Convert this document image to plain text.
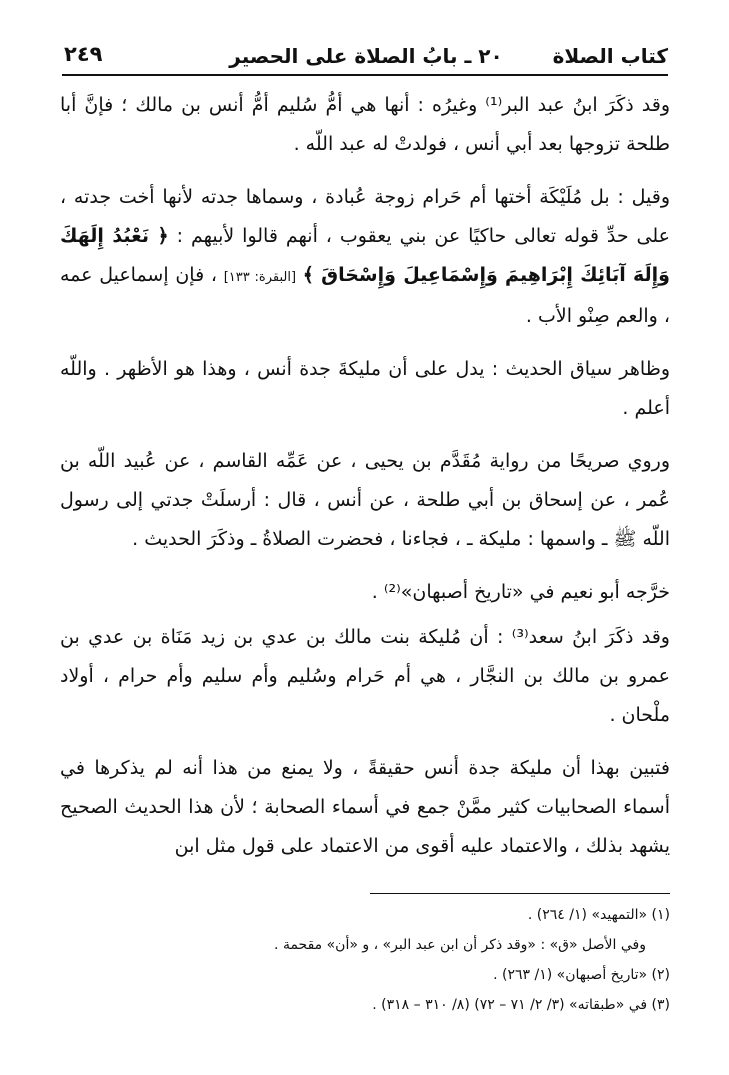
كتاب الصلاة
٢٠ ـ بابُ الصلاة على الحصير
٢٤٩

وقد ذكَرَ ابنُ عبد البر⁽¹⁾ وغيرُه : أنها هي أمُّ سُليم أمُّ أنس بن مالك ؛ فإنَّ أبا طلحة تزوجها بعد أبي أنس ، فولدتْ له عبد اللّه .

وقيل : بل مُلَيْكَة أختها أم حَرام زوجة عُبادة ، وسماها جدته لأنها أخت جدته ، على حدِّ قوله تعالى حاكيًا عن بني يعقوب ، أنهم قالوا لأبيهم : ﴿ نَعْبُدُ إِلَهَكَ وَإِلَهَ آبَائِكَ إِبْرَاهِيمَ وَإِسْمَاعِيلَ وَإِسْحَاقَ ﴾ [البقرة: ١٣٣] ، فإن إسماعيل عمه ، والعم صِنْو الأب .

وظاهر سياق الحديث : يدل على أن مليكةَ جدة أنس ، وهذا هو الأظهر . واللّه أعلم .

وروي صريحًا من رواية مُقَدَّم بن يحيى ، عن عَمِّه القاسم ، عن عُبيد اللّه بن عُمر ، عن إسحاق بن أبي طلحة ، عن أنس ، قال : أرسلَتْ جدتي إلى رسول اللّه ﷺ ـ واسمها : مليكة ـ ، فجاءنا ، فحضرت الصلاةُ ـ وذكَرَ الحديث .

خرَّجه أبو نعيم في «تاريخ أصبهان»⁽²⁾ .

وقد ذكَرَ ابنُ سعد⁽³⁾ : أن مُليكة بنت مالك بن عدي بن زيد مَنَاة بن عدي بن عمرو بن مالك بن النجَّار ، هي أم حَرام وسُليم وأم سليم وأم حرام ، أولاد ملْحان .

فتبين بهذا أن مليكة جدة أنس حقيقةً ، ولا يمنع من هذا أنه لم يذكرها في أسماء الصحابيات كثير ممَّنْ جمع في أسماء الصحابة ؛ لأن هذا الحديث الصحيح يشهد بذلك ، والاعتماد عليه أقوى من الاعتماد على قول مثل ابن

(١) «التمهيد» (١/ ٢٦٤) .

وفي الأصل «ق» : «وقد ذكر أن ابن عبد البر» ، و «أن» مقحمة .

(٢) «تاريخ أصبهان» (١/ ٢٦٣) .

(٣) في «طبقاته» (٣/ ٢/ ٧١ – ٧٢) (٨/ ٣١٠ – ٣١٨) .
